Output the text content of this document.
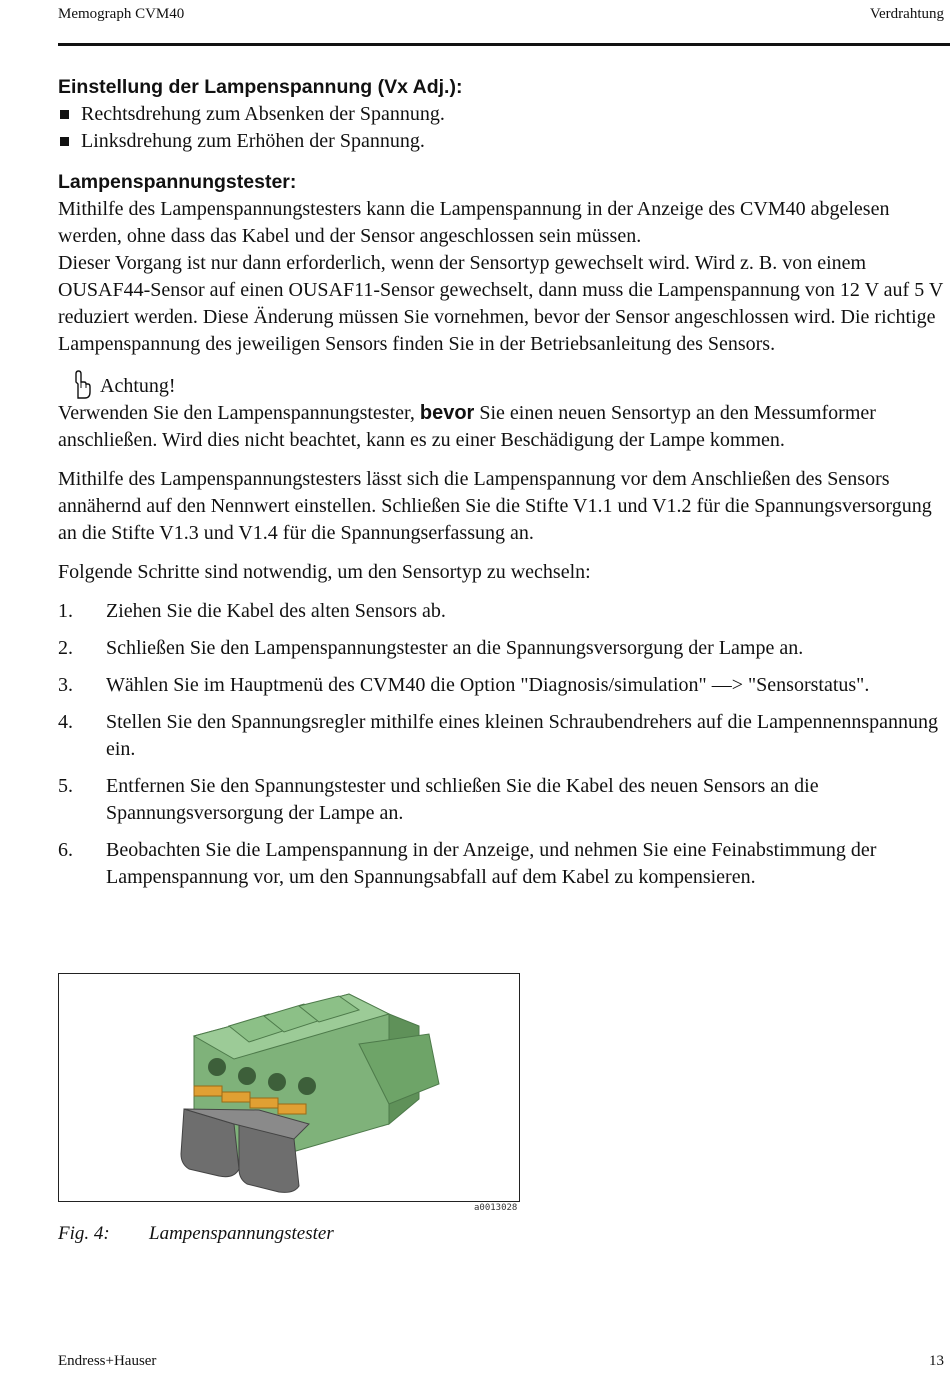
Memograph CVM40	Verdrahtung
Einstellung der Lampenspannung (Vx Adj.):
Rechtsdrehung zum Absenken der Spannung.
Linksdrehung zum Erhöhen der Spannung.
Lampenspannungstester:

Mithilfe des Lampenspannungstesters kann die Lampenspannung in der Anzeige des CVM40 abgelesen werden, ohne dass das Kabel und der Sensor angeschlossen sein müssen.

Dieser Vorgang ist nur dann erforderlich, wenn der Sensortyp gewechselt wird. Wird z. B. von einem OUSAF44-Sensor auf einen OUSAF11-Sensor gewechselt, dann muss die Lampenspannung von 12 V auf 5 V reduziert werden. Diese Änderung müssen Sie vornehmen, bevor der Sensor angeschlossen wird. Die richtige Lampenspannung des jeweiligen Sensors finden Sie in der Betriebsanleitung des Sensors.

Achtung!

Verwenden Sie den Lampenspannungstester, bevor Sie einen neuen Sensortyp an den Messumformer anschließen. Wird dies nicht beachtet, kann es zu einer Beschädigung der Lampe kommen.

Mithilfe des Lampenspannungstesters lässt sich die Lampenspannung vor dem Anschließen des Sensors annähernd auf den Nennwert einstellen. Schließen Sie die Stifte V1.1 und V1.2 für die Spannungsversorgung an die Stifte V1.3 und V1.4 für die Spannungserfassung an.

Folgende Schritte sind notwendig, um den Sensortyp zu wechseln:

1.	Ziehen Sie die Kabel des alten Sensors ab.
2.	Schließen Sie den Lampenspannungstester an die Spannungsversorgung der Lampe an.
3.	Wählen Sie im Hauptmenü des CVM40 die Option "Diagnosis/simulation" —> "Sensorstatus".
4.	Stellen Sie den Spannungsregler mithilfe eines kleinen Schraubendrehers auf die Lampennennspannung ein.
5.	Entfernen Sie den Spannungstester und schließen Sie die Kabel des neuen Sensors an die Spannungsversorgung der Lampe an.
6.	Beobachten Sie die Lampenspannung in der Anzeige, und nehmen Sie eine Feinabstimmung der Lampenspannung vor, um den Spannungsabfall auf dem Kabel zu kompensieren.
a0013028
Fig. 4: Lampenspannungstester
Endress+Hauser	13
